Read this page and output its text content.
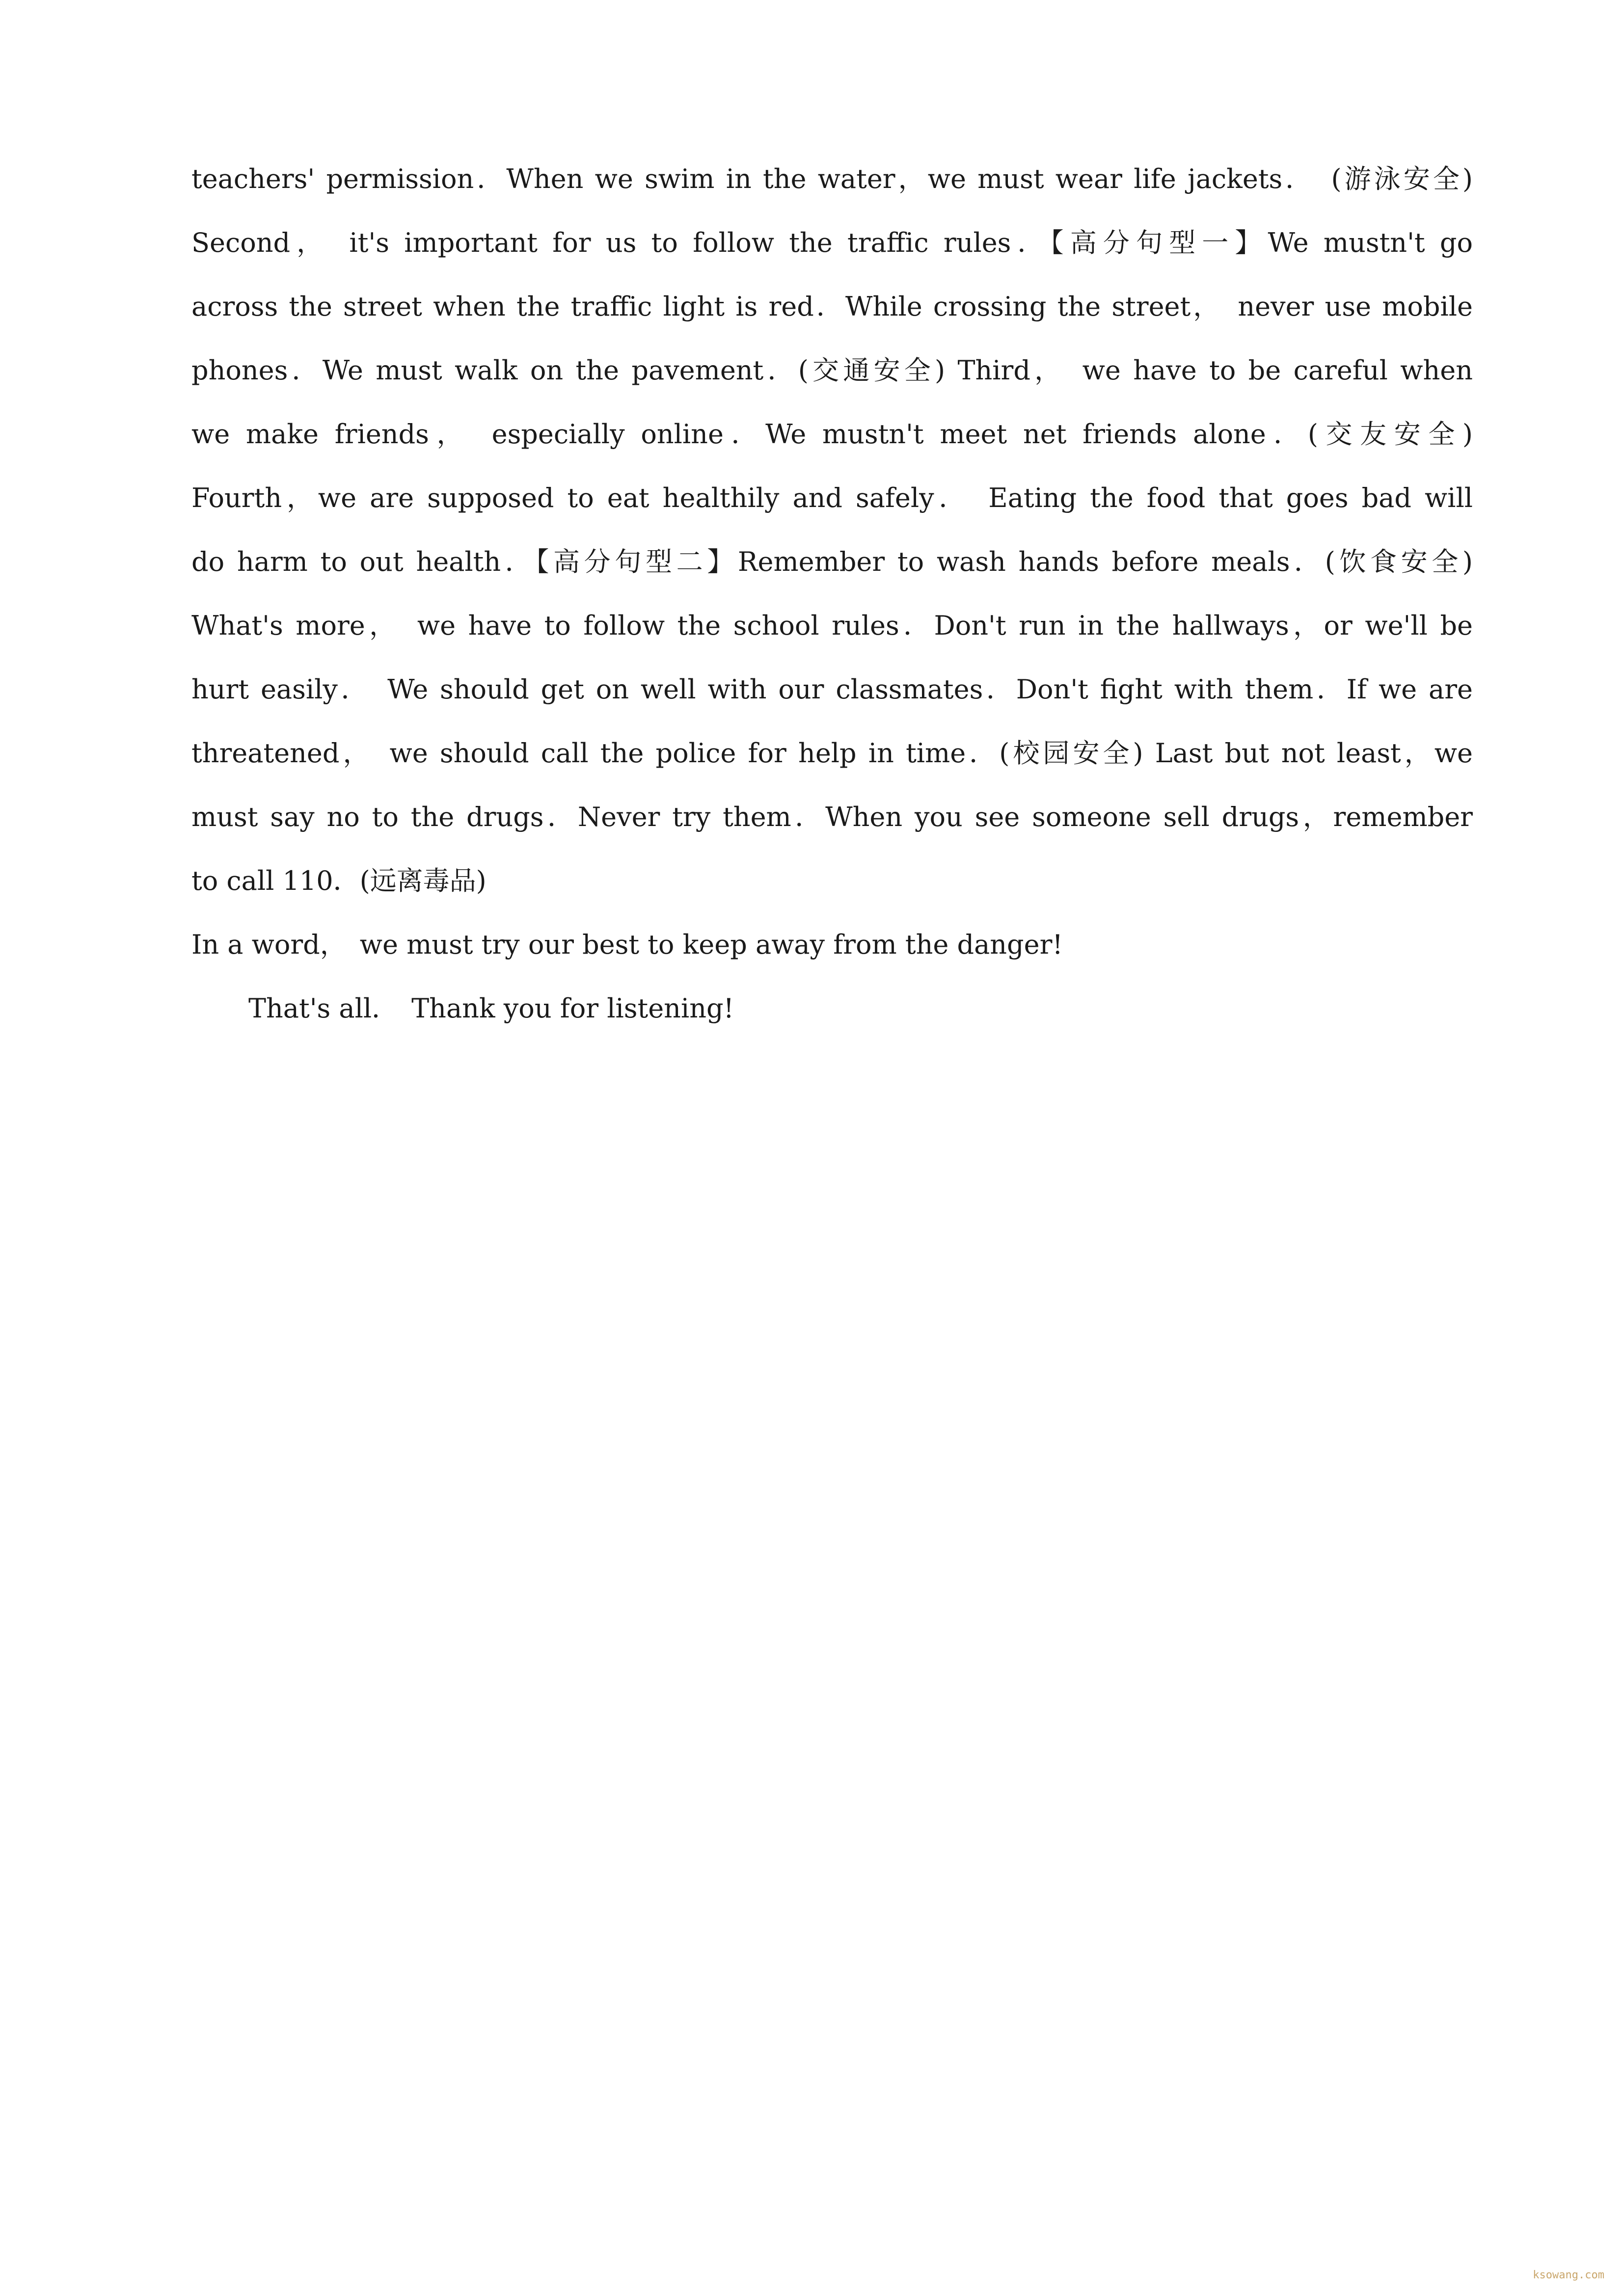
teachers' permission．When we swim in the water，we must wear life jackets．　(游泳安全)
Second，　it's important for us to follow the traffic rules．【高分句型一】We mustn't go
across the street when the traffic light is red．While crossing the street，　never use mobile
phones．We must walk on the pavement．(交通安全) Third，　we have to be careful when
we make friends，　especially online．We mustn't meet net friends alone．(交友安全)
Fourth，we are supposed to eat healthily and safely．　Eating the food that goes bad will
do harm to out health．【高分句型二】Remember to wash hands before meals．(饮食安全)
What's more，　we have to follow the school rules．Don't run in the hallways，or we'll be
hurt easily．　We should get on well with our classmates．Don't fight with them．If we are
threatened，　we should call the police for help in time．(校园安全) Last but not least，we
must say no to the drugs．Never try them．When you see someone sell drugs，remember
to call 110．(远离毒品)
In a word，　we must try our best to keep away from the danger!
That's all．　Thank you for listening!
ksowang.com
